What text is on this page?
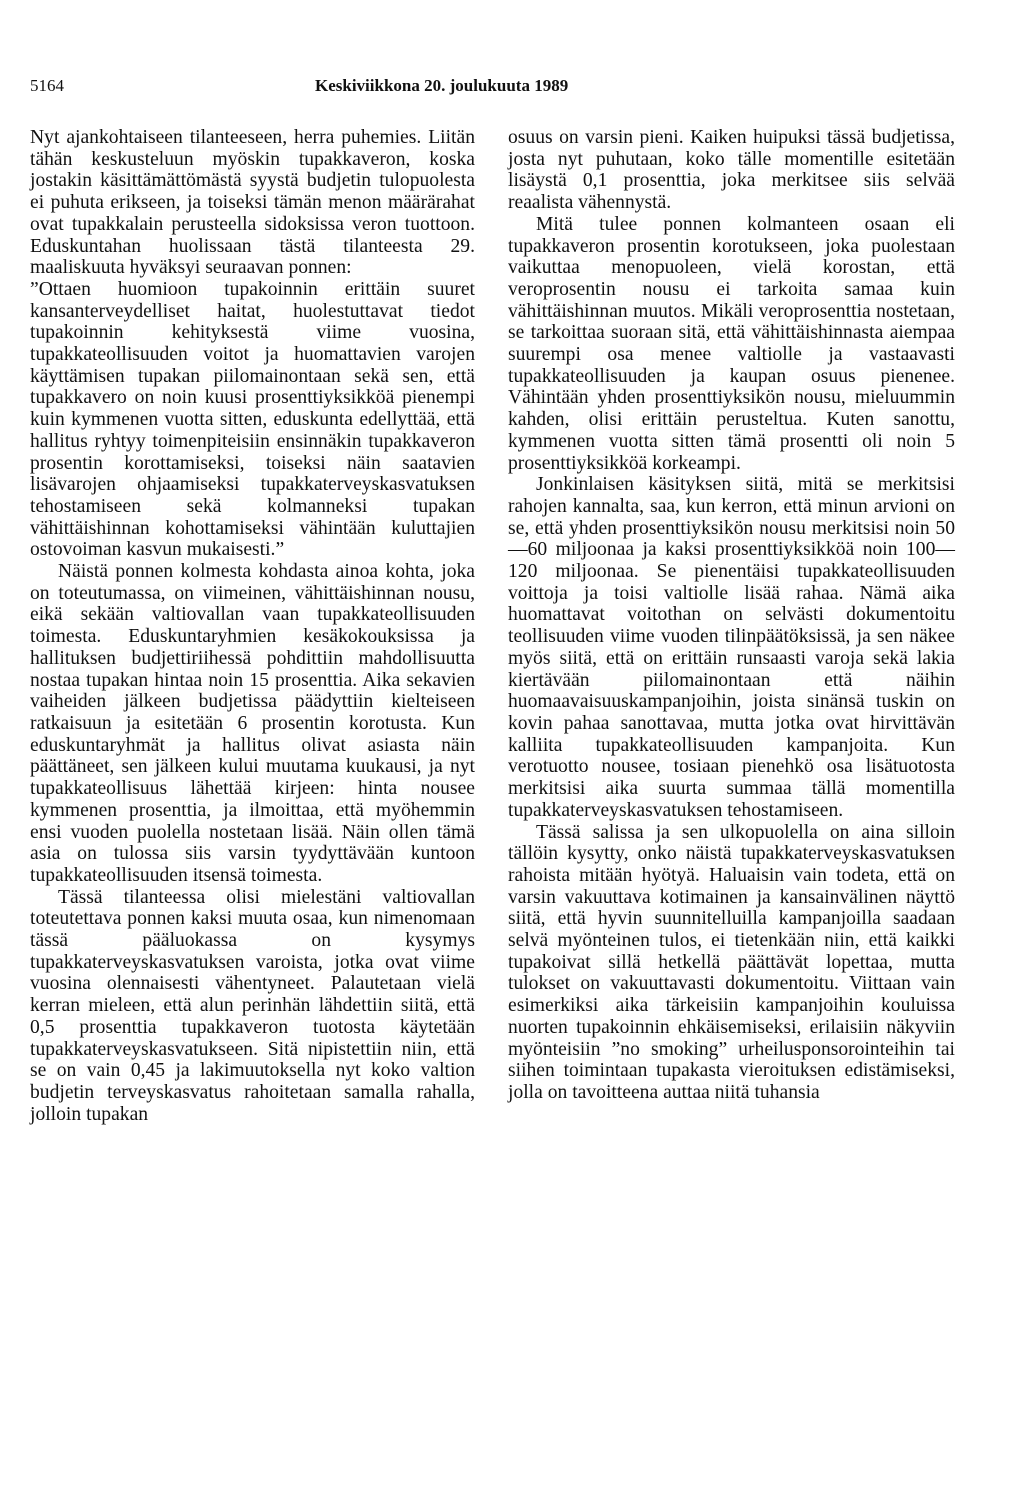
5164	Keskiviikkona 20. joulukuuta 1989

Nyt ajankohtaiseen tilanteeseen, herra puhemies. Liitän tähän keskusteluun myöskin tupakkaveron, koska jostakin käsittämättömästä syystä budjetin tulopuolesta ei puhuta erikseen, ja toiseksi tämän menon määrärahat ovat tupakkalain perusteella sidoksissa veron tuottoon. Eduskuntahan huolissaan tästä tilanteesta 29. maaliskuuta hyväksyi seuraavan ponnen:

”Ottaen huomioon tupakoinnin erittäin suuret kansanterveydelliset haitat, huolestuttavat tiedot tupakoinnin kehityksestä viime vuosina, tupakkateollisuuden voitot ja huomattavien varojen käyttämisen tupakan piilomainontaan sekä sen, että tupakkavero on noin kuusi prosenttiyksikköä pienempi kuin kymmenen vuotta sitten, eduskunta edellyttää, että hallitus ryhtyy toimenpiteisiin ensinnäkin tupakkaveron prosentin korottamiseksi, toiseksi näin saatavien lisävarojen ohjaamiseksi tupakkaterveyskasvatuksen tehostamiseen sekä kolmanneksi tupakan vähittäishinnan kohottamiseksi vähintään kuluttajien ostovoiman kasvun mukaisesti.”

Näistä ponnen kolmesta kohdasta ainoa kohta, joka on toteutumassa, on viimeinen, vähittäishinnan nousu, eikä sekään valtiovallan vaan tupakkateollisuuden toimesta. Eduskuntaryhmien kesäkokouksissa ja hallituksen budjettiriihessä pohdittiin mahdollisuutta nostaa tupakan hintaa noin 15 prosenttia. Aika sekavien vaiheiden jälkeen budjetissa päädyttiin kielteiseen ratkaisuun ja esitetään 6 prosentin korotusta. Kun eduskuntaryhmät ja hallitus olivat asiasta näin päättäneet, sen jälkeen kului muutama kuukausi, ja nyt tupakkateollisuus lähettää kirjeen: hinta nousee kymmenen prosenttia, ja ilmoittaa, että myöhemmin ensi vuoden puolella nostetaan lisää. Näin ollen tämä asia on tulossa siis varsin tyydyttävään kuntoon tupakkateollisuuden itsensä toimesta.

Tässä tilanteessa olisi mielestäni valtiovallan toteutettava ponnen kaksi muuta osaa, kun nimenomaan tässä pääluokassa on kysymys tupakkaterveyskasvatuksen varoista, jotka ovat viime vuosina olennaisesti vähentyneet. Palautetaan vielä kerran mieleen, että alun perinhän lähdettiin siitä, että 0,5 prosenttia tupakkaveron tuotosta käytetään tupakkaterveyskasvatukseen. Sitä nipistettiin niin, että se on vain 0,45 ja lakimuutoksella nyt koko valtion budjetin terveyskasvatus rahoitetaan samalla rahalla, jolloin tupakan

osuus on varsin pieni. Kaiken huipuksi tässä budjetissa, josta nyt puhutaan, koko tälle momentille esitetään lisäystä 0,1 prosenttia, joka merkitsee siis selvää reaalista vähennystä.

Mitä tulee ponnen kolmanteen osaan eli tupakkaveron prosentin korotukseen, joka puolestaan vaikuttaa menopuoleen, vielä korostan, että veroprosentin nousu ei tarkoita samaa kuin vähittäishinnan muutos. Mikäli veroprosenttia nostetaan, se tarkoittaa suoraan sitä, että vähittäishinnasta aiempaa suurempi osa menee valtiolle ja vastaavasti tupakkateollisuuden ja kaupan osuus pienenee. Vähintään yhden prosenttiyksikön nousu, mieluummin kahden, olisi erittäin perusteltua. Kuten sanottu, kymmenen vuotta sitten tämä prosentti oli noin 5 prosenttiyksikköä korkeampi.

Jonkinlaisen käsityksen siitä, mitä se merkitsisi rahojen kannalta, saa, kun kerron, että minun arvioni on se, että yhden prosenttiyksikön nousu merkitsisi noin 50—60 miljoonaa ja kaksi prosenttiyksikköä noin 100—120 miljoonaa. Se pienentäisi tupakkateollisuuden voittoja ja toisi valtiolle lisää rahaa. Nämä aika huomattavat voitothan on selvästi dokumentoitu teollisuuden viime vuoden tilinpäätöksissä, ja sen näkee myös siitä, että on erittäin runsaasti varoja sekä lakia kiertävään piilomainontaan että näihin huomaavaisuuskampanjoihin, joista sinänsä tuskin on kovin pahaa sanottavaa, mutta jotka ovat hirvittävän kalliita tupakkateollisuuden kampanjoita. Kun verotuotto nousee, tosiaan pienehkö osa lisätuotosta merkitsisi aika suurta summaa tällä momentilla tupakkaterveyskasvatuksen tehostamiseen.

Tässä salissa ja sen ulkopuolella on aina silloin tällöin kysytty, onko näistä tupakkaterveyskasvatuksen rahoista mitään hyötyä. Haluaisin vain todeta, että on varsin vakuuttava kotimainen ja kansainvälinen näyttö siitä, että hyvin suunnitelluilla kampanjoilla saadaan selvä myönteinen tulos, ei tietenkään niin, että kaikki tupakoivat sillä hetkellä päättävät lopettaa, mutta tulokset on vakuuttavasti dokumentoitu. Viittaan vain esimerkiksi aika tärkeisiin kampanjoihin kouluissa nuorten tupakoinnin ehkäisemiseksi, erilaisiin näkyviin myönteisiin ”no smoking” urheilusponsorointeihin tai siihen toimintaan tupakasta vieroituksen edistämiseksi, jolla on tavoitteena auttaa niitä tuhansia
